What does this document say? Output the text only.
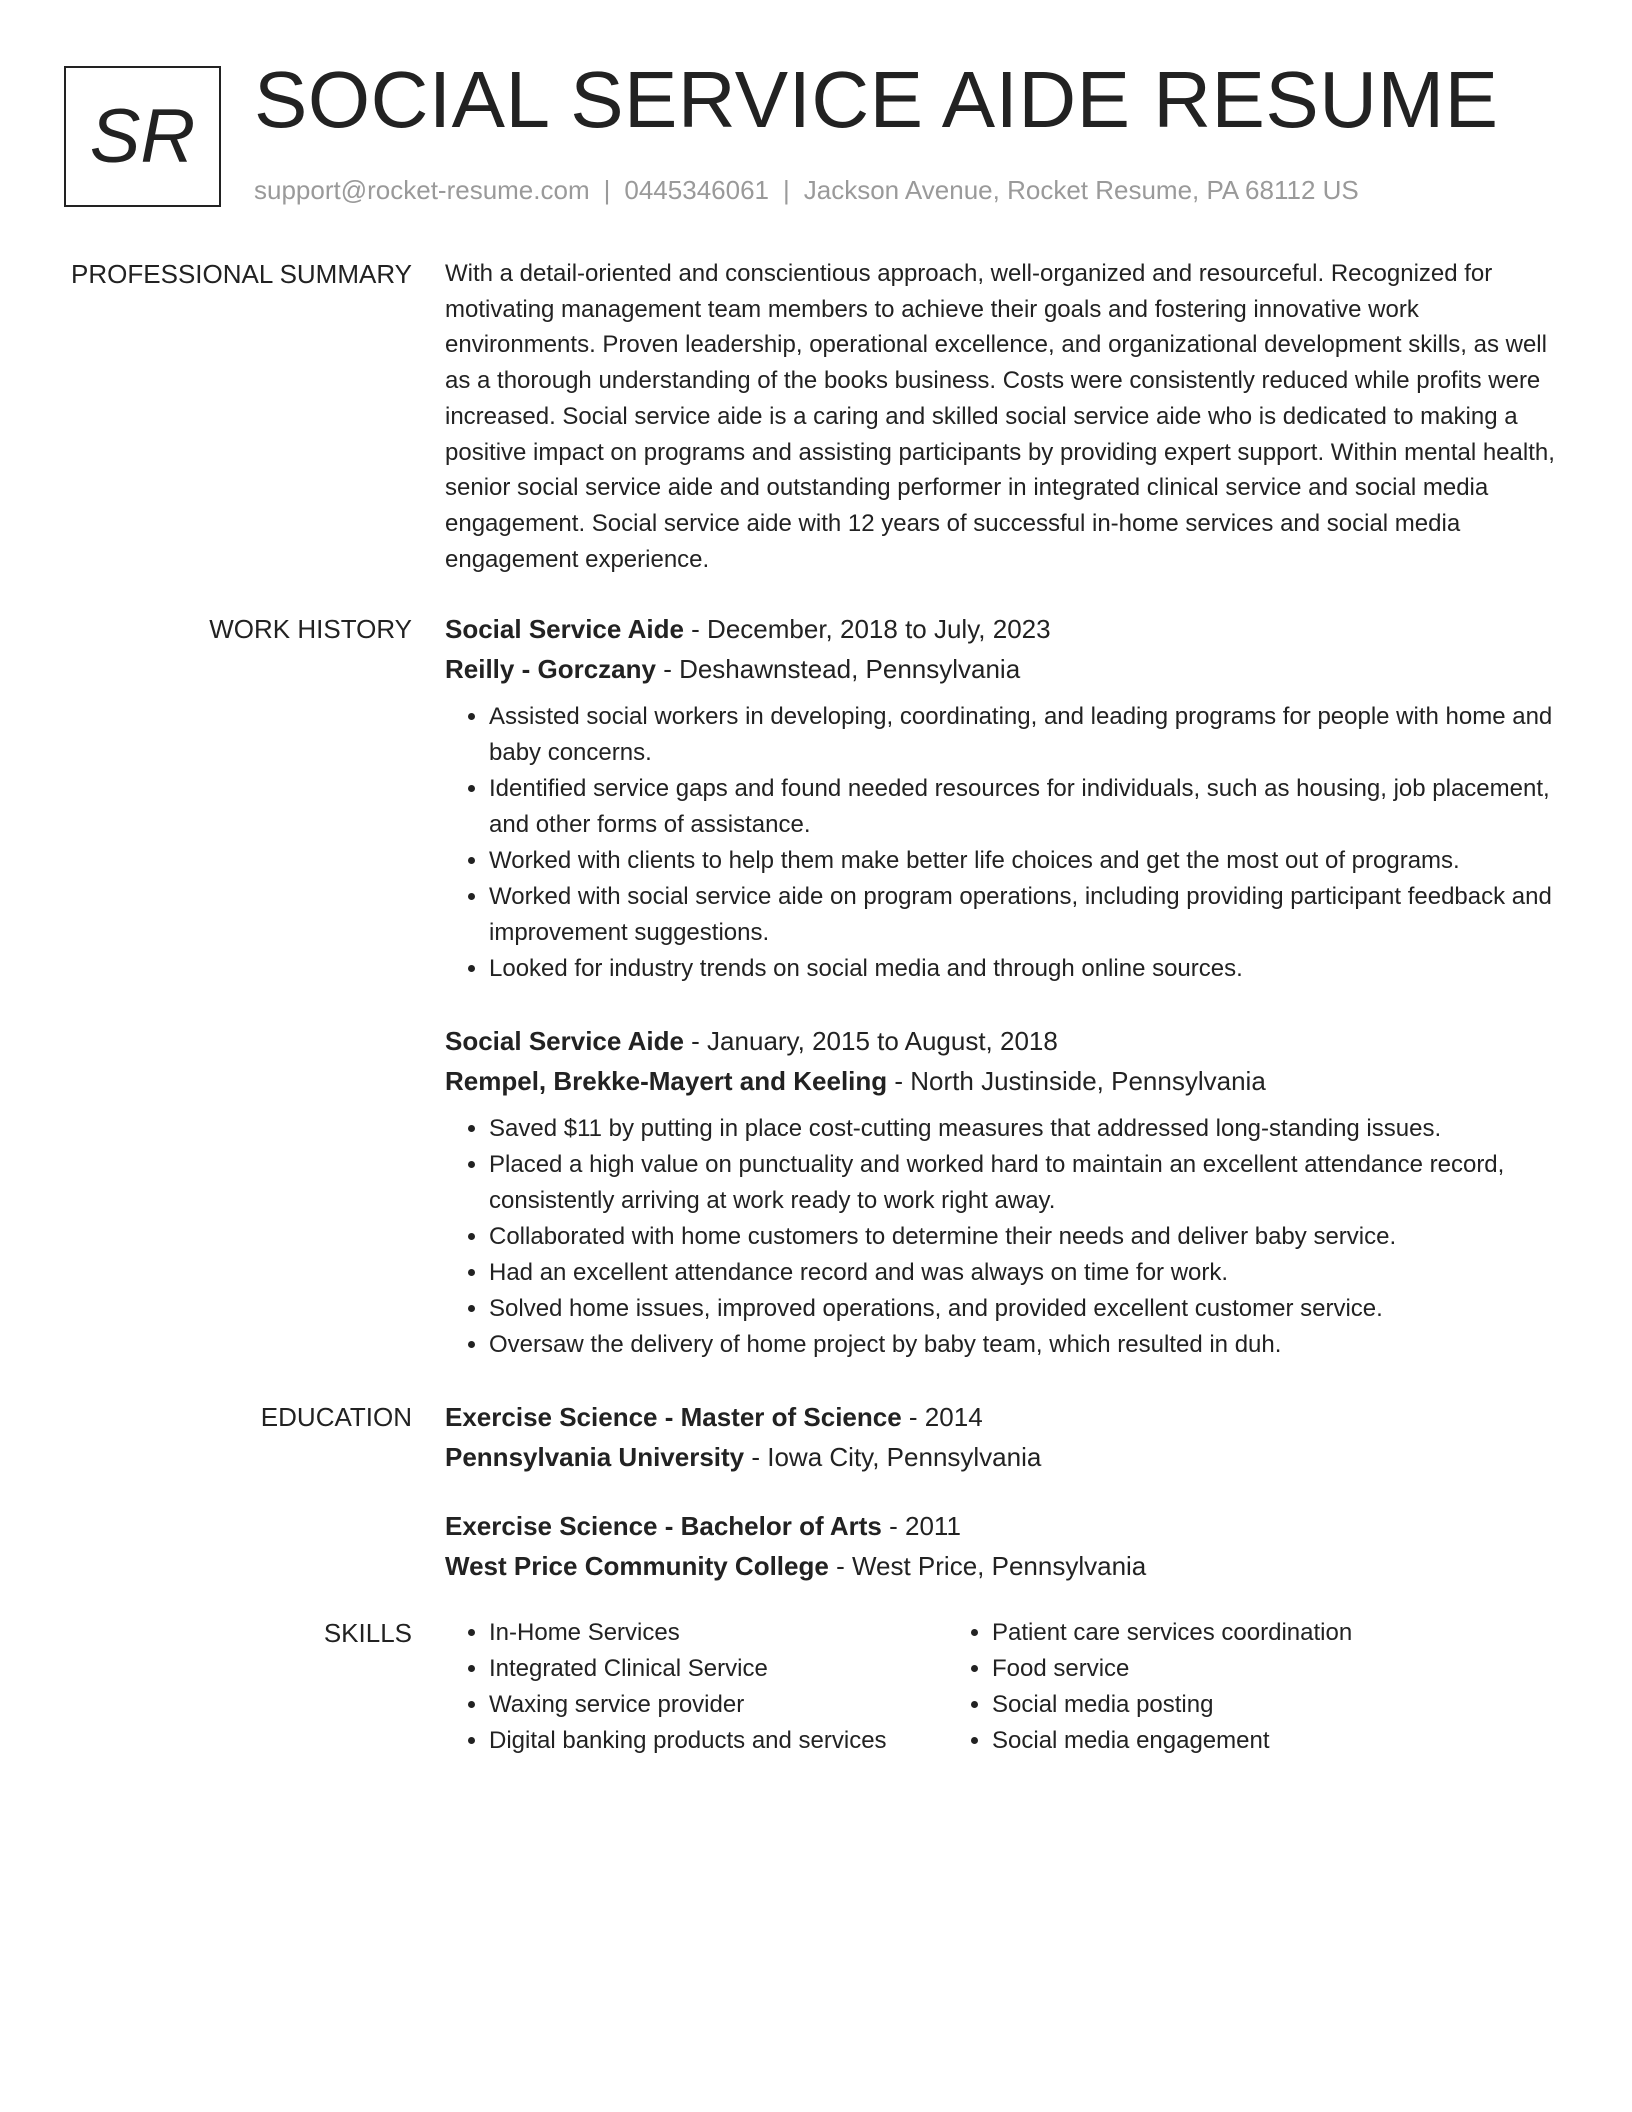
SR SOCIAL SERVICE AIDE RESUME
support@rocket-resume.com | 0445346061 | Jackson Avenue, Rocket Resume, PA 68112 US
PROFESSIONAL SUMMARY With a detail-oriented and conscientious approach, well-organized and resourceful. Recognized for motivating management team members to achieve their goals and fostering innovative work environments. Proven leadership, operational excellence, and organizational development skills, as well as a thorough understanding of the books business. Costs were consistently reduced while profits were increased. Social service aide is a caring and skilled social service aide who is dedicated to making a positive impact on programs and assisting participants by providing expert support. Within mental health, senior social service aide and outstanding performer in integrated clinical service and social media engagement. Social service aide with 12 years of successful in-home services and social media engagement experience.

WORK HISTORY Social Service Aide - December, 2018 to July, 2023
Reilly - Gorczany - Deshawnstead, Pennsylvania
• Assisted social workers in developing, coordinating, and leading programs for people with home and baby concerns.
• Identified service gaps and found needed resources for individuals, such as housing, job placement, and other forms of assistance.
• Worked with clients to help them make better life choices and get the most out of programs.
• Worked with social service aide on program operations, including providing participant feedback and improvement suggestions.
• Looked for industry trends on social media and through online sources.
Social Service Aide - January, 2015 to August, 2018
Rempel, Brekke-Mayert and Keeling - North Justinside, Pennsylvania
• Saved $11 by putting in place cost-cutting measures that addressed long-standing issues.
• Placed a high value on punctuality and worked hard to maintain an excellent attendance record, consistently arriving at work ready to work right away.
• Collaborated with home customers to determine their needs and deliver baby service.
• Had an excellent attendance record and was always on time for work.
• Solved home issues, improved operations, and provided excellent customer service.
• Oversaw the delivery of home project by baby team, which resulted in duh.
EDUCATION Exercise Science - Master of Science - 2014
Pennsylvania University - Iowa City, Pennsylvania
Exercise Science - Bachelor of Arts - 2011
West Price Community College - West Price, Pennsylvania
SKILLS
•	In-Home Services
• Integrated Clinical Service
• Waxing service provider
• Digital banking products and services
• Patient care services coordination
• Food service
• Social media posting
• Social media engagement
